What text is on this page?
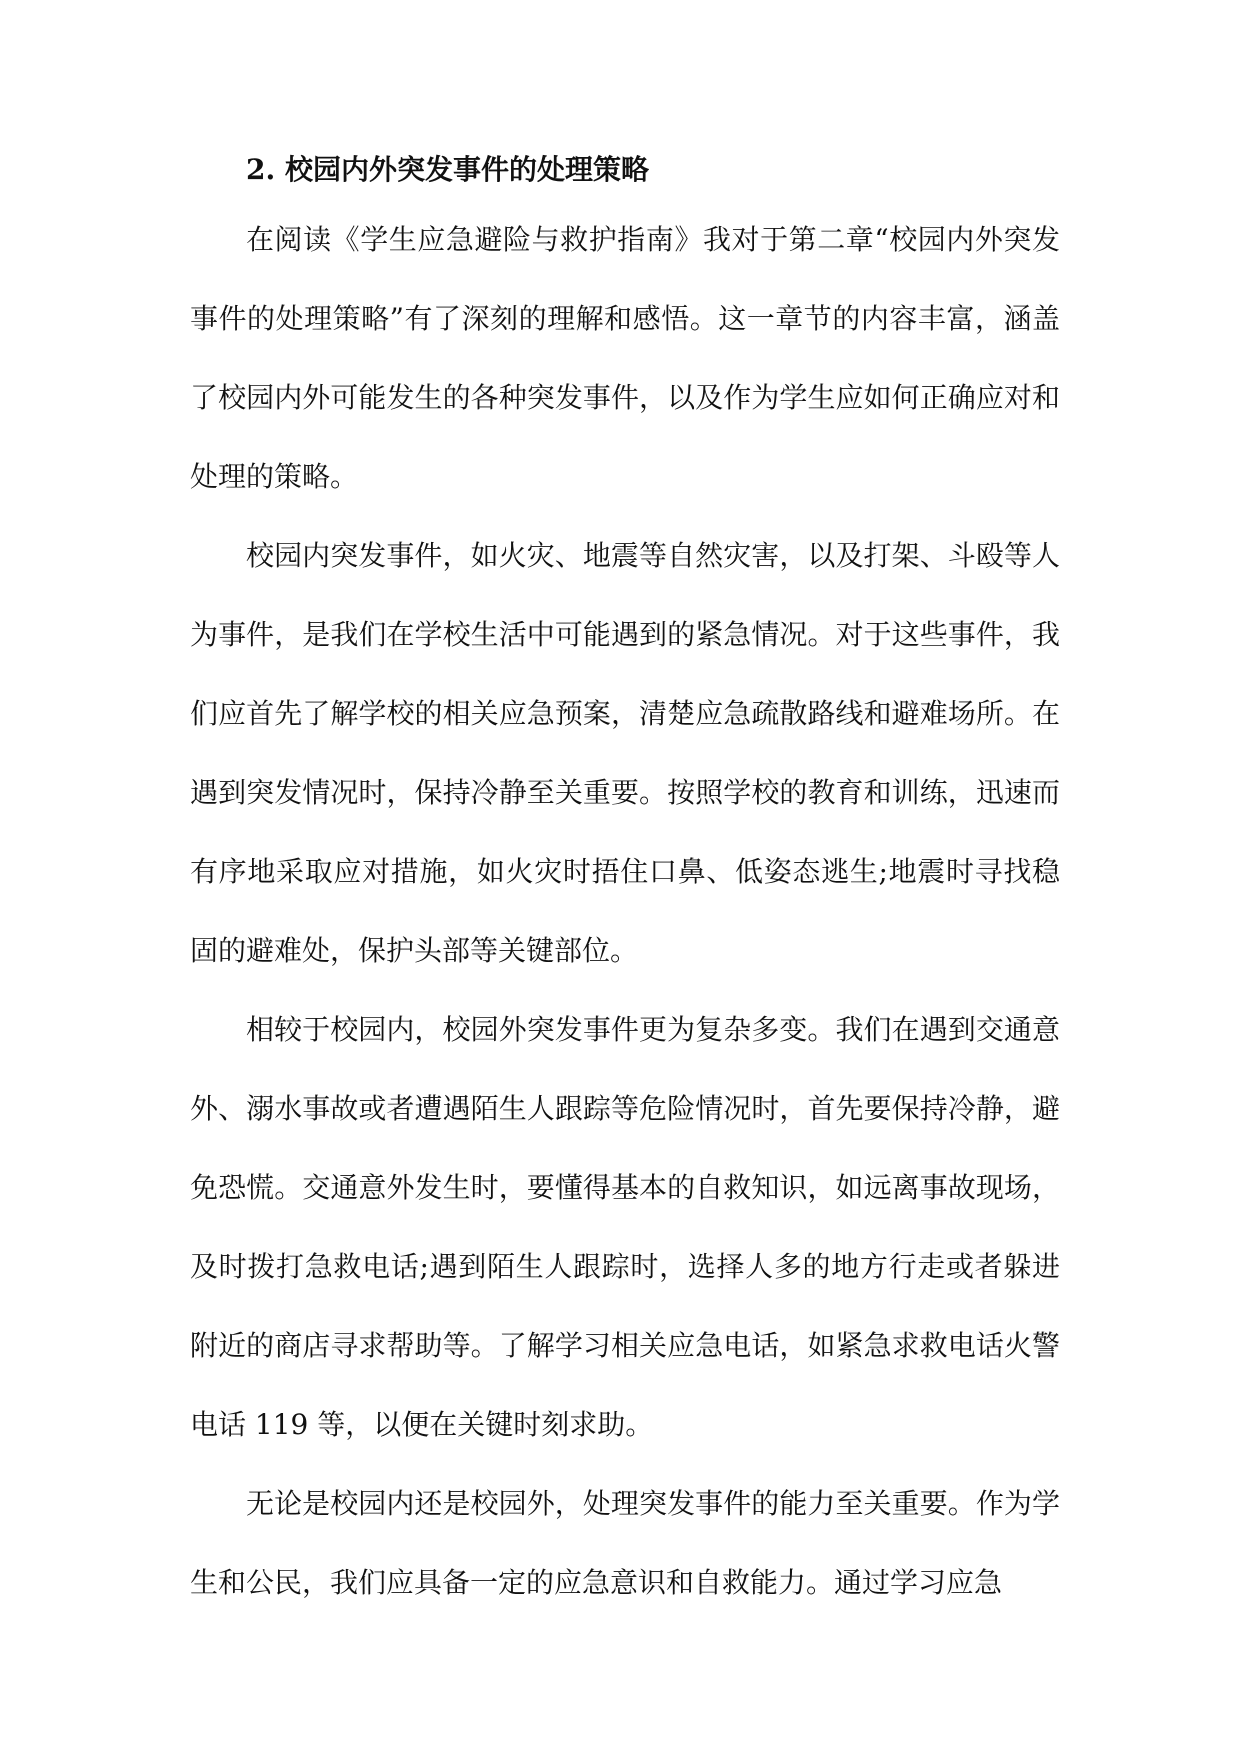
2. 校园内外突发事件的处理策略

在阅读《学生应急避险与救护指南》我对于第二章“校园内外突发事件的处理策略”有了深刻的理解和感悟。这一章节的内容丰富，涵盖了校园内外可能发生的各种突发事件，以及作为学生应如何正确应对和处理的策略。

校园内突发事件，如火灾、地震等自然灾害，以及打架、斗殴等人为事件，是我们在学校生活中可能遇到的紧急情况。对于这些事件，我们应首先了解学校的相关应急预案，清楚应急疏散路线和避难场所。在遇到突发情况时，保持冷静至关重要。按照学校的教育和训练，迅速而有序地采取应对措施，如火灾时捂住口鼻、低姿态逃生;地震时寻找稳固的避难处，保护头部等关键部位。

相较于校园内，校园外突发事件更为复杂多变。我们在遇到交通意外、溺水事故或者遭遇陌生人跟踪等危险情况时，首先要保持冷静，避免恐慌。交通意外发生时，要懂得基本的自救知识，如远离事故现场，及时拨打急救电话;遇到陌生人跟踪时，选择人多的地方行走或者躲进附近的商店寻求帮助等。了解学习相关应急电话，如紧急求救电话火警电话 119 等，以便在关键时刻求助。

无论是校园内还是校园外，处理突发事件的能力至关重要。作为学生和公民，我们应具备一定的应急意识和自救能力。通过学习应急
